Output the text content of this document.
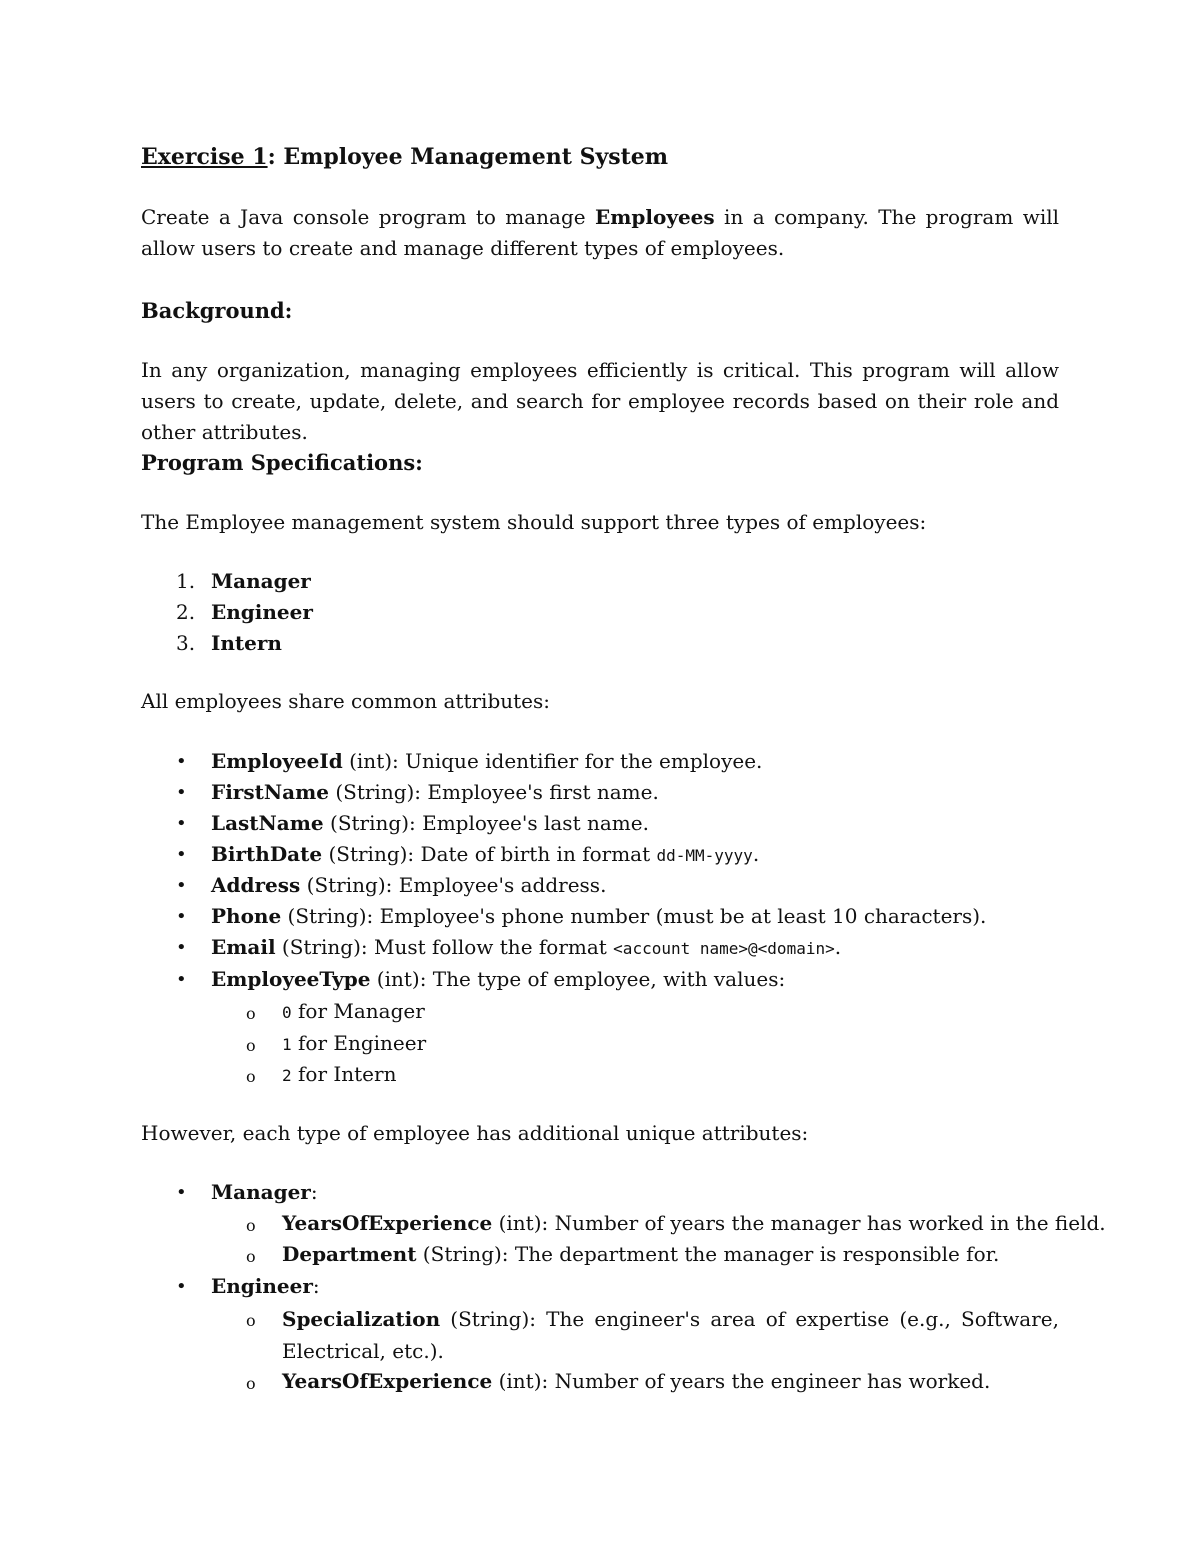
Exercise 1: Employee Management System
Create a Java console program to manage Employees in a company. The program will allow users to create and manage different types of employees.
Background:
In any organization, managing employees efficiently is critical. This program will allow users to create, update, delete, and search for employee records based on their role and other attributes.
Program Specifications:
The Employee management system should support three types of employees:
1. Manager
2. Engineer
3. Intern
All employees share common attributes:
• EmployeeId (int): Unique identifier for the employee.
• FirstName (String): Employee's first name.
• LastName (String): Employee's last name.
• BirthDate (String): Date of birth in format dd-MM-yyyy.
• Address (String): Employee's address.
• Phone (String): Employee's phone number (must be at least 10 characters).
• Email (String): Must follow the format <account name>@<domain>.
• EmployeeType (int): The type of employee, with values:
o 0 for Manager
o 1 for Engineer
o 2 for Intern
However, each type of employee has additional unique attributes:
• Manager:
o YearsOfExperience (int): Number of years the manager has worked in the field.
o Department (String): The department the manager is responsible for.
• Engineer:
o Specialization (String): The engineer's area of expertise (e.g., Software, Electrical, etc.).
o YearsOfExperience (int): Number of years the engineer has worked.
